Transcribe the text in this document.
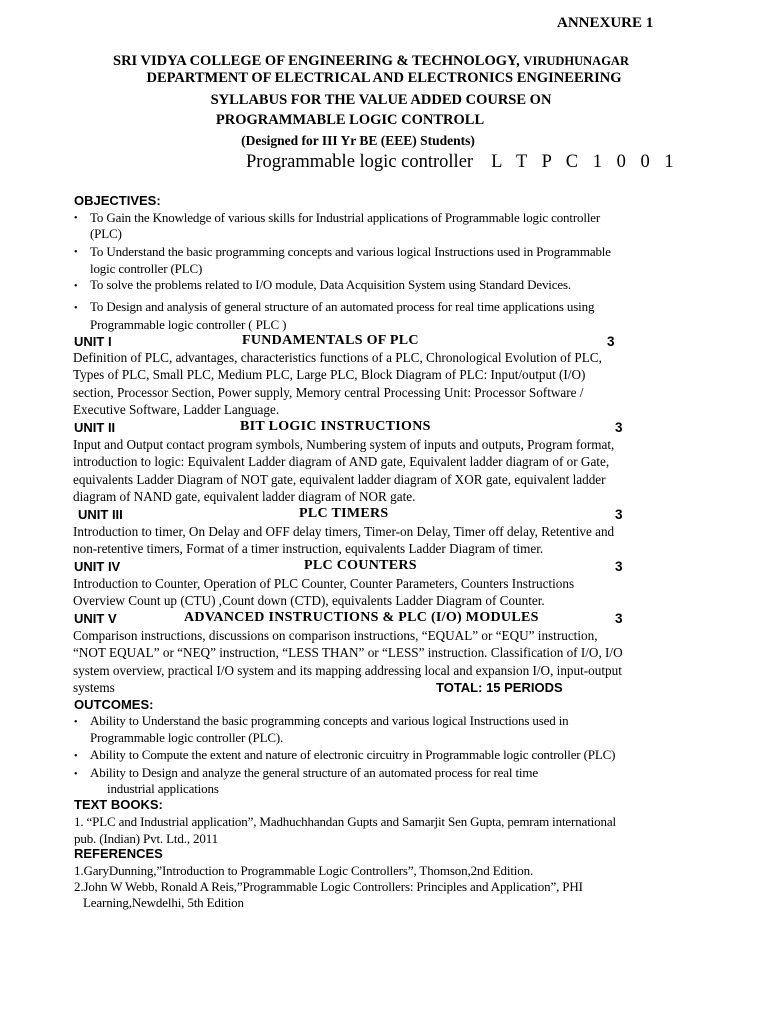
ANNEXURE 1
SRI VIDYA COLLEGE OF ENGINEERING & TECHNOLOGY, VIRUDHUNAGAR
DEPARTMENT OF ELECTRICAL AND ELECTRONICS ENGINEERING
SYLLABUS FOR THE VALUE ADDED COURSE ON
PROGRAMMABLE LOGIC CONTROLL
(Designed for III Yr BE (EEE) Students)
Programmable logic controller L T P C 1 0 0 1
OBJECTIVES:
• To Gain the Knowledge of various skills for Industrial applications of Programmable logic controller
(PLC)
• To Understand the basic programming concepts and various logical Instructions used in Programmable
logic controller (PLC)
• To solve the problems related to I/O module, Data Acquisition System using Standard Devices.
• To Design and analysis of general structure of an automated process for real time applications using
Programmable logic controller ( PLC )
UNIT I	FUNDAMENTALS OF PLC	3
Definition of PLC, advantages, characteristics functions of a PLC, Chronological Evolution of PLC,
Types of PLC, Small PLC, Medium PLC, Large PLC, Block Diagram of PLC: Input/output (I/O)
section, Processor Section, Power supply, Memory central Processing Unit: Processor Software /
Executive Software, Ladder Language.
UNIT II	BIT LOGIC INSTRUCTIONS	3
Input and Output contact program symbols, Numbering system of inputs and outputs, Program format,
introduction to logic: Equivalent Ladder diagram of AND gate, Equivalent ladder diagram of or Gate,
equivalents Ladder Diagram of NOT gate, equivalent ladder diagram of XOR gate, equivalent ladder
diagram of NAND gate, equivalent ladder diagram of NOR gate.
UNIT III	PLC TIMERS	3
Introduction to timer, On Delay and OFF delay timers, Timer-on Delay, Timer off delay, Retentive and
non-retentive timers, Format of a timer instruction, equivalents Ladder Diagram of timer.
UNIT IV	PLC COUNTERS	3
Introduction to Counter, Operation of PLC Counter, Counter Parameters, Counters Instructions
Overview Count up (CTU) ,Count down (CTD), equivalents Ladder Diagram of Counter.
UNIT V	ADVANCED INSTRUCTIONS & PLC (I/O) MODULES	3
Comparison instructions, discussions on comparison instructions, “EQUAL” or “EQU” instruction,
“NOT EQUAL” or “NEQ” instruction, “LESS THAN” or “LESS” instruction. Classification of I/O, I/O
system overview, practical I/O system and its mapping addressing local and expansion I/O, input-output
systems	TOTAL: 15 PERIODS
OUTCOMES:
• Ability to Understand the basic programming concepts and various logical Instructions used in
Programmable logic controller (PLC).
• Ability to Compute the extent and nature of electronic circuitry in Programmable logic controller (PLC)
• Ability to Design and analyze the general structure of an automated process for real time
industrial applications
TEXT BOOKS:
1. “PLC and Industrial application”, Madhuchhandan Gupts and Samarjit Sen Gupta, pemram international
pub. (Indian) Pvt. Ltd., 2011
REFERENCES
1.GaryDunning,”Introduction to Programmable Logic Controllers”, Thomson,2nd Edition.
2.John W Webb, Ronald A Reis,”Programmable Logic Controllers: Principles and Application”, PHI
Learning,Newdelhi, 5th Edition
